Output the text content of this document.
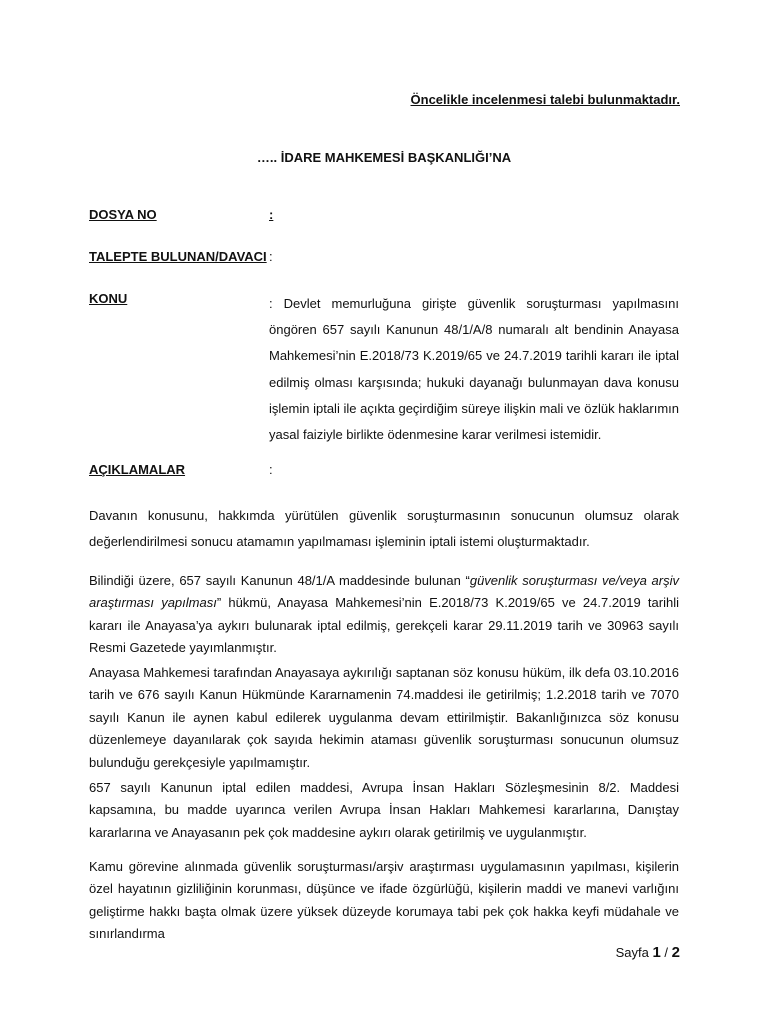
Öncelikle incelenmesi talebi bulunmaktadır.
….. İDARE MAHKEMESİ BAŞKANLIĞI’NA
DOSYA NO	:
TALEPTE BULUNAN/DAVACI :
KONU	: Devlet memurluğuna girişte güvenlik soruşturması yapılmasını öngören 657 sayılı Kanunun 48/1/A/8 numaralı alt bendinin Anayasa Mahkemesi’nin E.2018/73 K.2019/65 ve 24.7.2019 tarihli kararı ile iptal edilmiş olması karşısında; hukuki dayanağı bulunmayan dava konusu işlemin iptali ile açıkta geçirdiğim süreye ilişkin mali ve özlük haklarımın yasal faiziyle birlikte ödenmesine karar verilmesi istemidir.

AÇIKLAMALAR	:

Davanın konusunu, hakkımda yürütülen güvenlik soruşturmasının sonucunun olumsuz olarak değerlendirilmesi sonucu atamamın yapılmaması işleminin iptali istemi oluşturmaktadır.

Bilindiği üzere, 657 sayılı Kanunun 48/1/A maddesinde bulunan “güvenlik soruşturması ve/veya arşiv araştırması yapılması” hükmü, Anayasa Mahkemesi’nin E.2018/73 K.2019/65 ve 24.7.2019 tarihli kararı ile Anayasa’ya aykırı bulunarak iptal edilmiş, gerekçeli karar 29.11.2019 tarih ve 30963 sayılı Resmi Gazetede yayımlanmıştır.

Anayasa Mahkemesi tarafından Anayasaya aykırılığı saptanan söz konusu hüküm, ilk defa 03.10.2016 tarih ve 676 sayılı Kanun Hükmünde Kararnamenin 74.maddesi ile getirilmiş; 1.2.2018 tarih ve 7070 sayılı Kanun ile aynen kabul edilerek uygulanma devam ettirilmiştir. Bakanlığınızca söz konusu düzenlemeye dayanılarak çok sayıda hekimin ataması güvenlik soruşturması sonucunun olumsuz bulunduğu gerekçesiyle yapılmamıştır.

657 sayılı Kanunun iptal edilen maddesi, Avrupa İnsan Hakları Sözleşmesinin 8/2. Maddesi kapsamına, bu madde uyarınca verilen Avrupa İnsan Hakları Mahkemesi kararlarına, Danıştay kararlarına ve Anayasanın pek çok maddesine aykırı olarak getirilmiş ve uygulanmıştır.

Kamu görevine alınmada güvenlik soruşturması/arşiv araştırması uygulamasının yapılması, kişilerin özel hayatının gizliliğinin korunması, düşünce ve ifade özgürlüğü, kişilerin maddi ve manevi varlığını geliştirme hakkı başta olmak üzere yüksek düzeyde korumaya tabi pek çok hakka keyfi müdahale ve sınırlandırma

Sayfa 1 / 2
